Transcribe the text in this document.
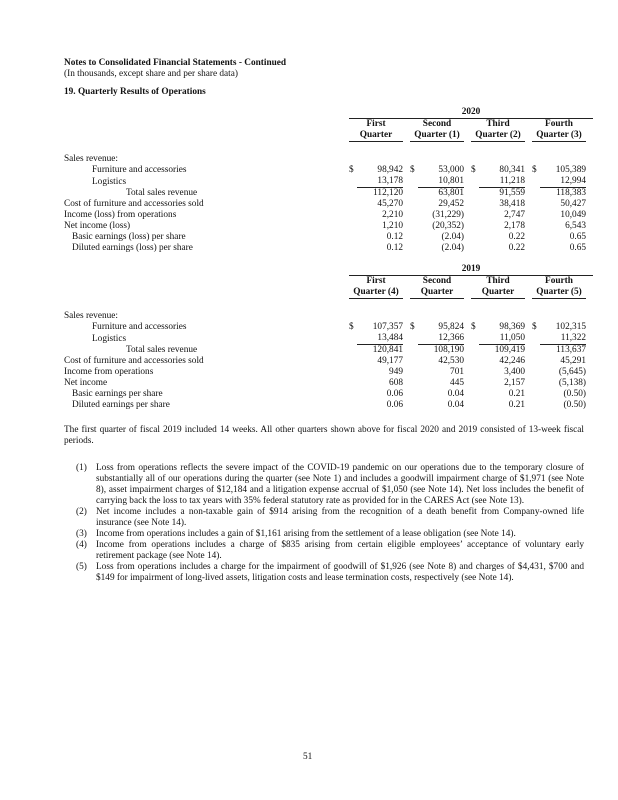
Notes to Consolidated Financial Statements - Continued
(In thousands, except share and per share data)
19. Quarterly Results of Operations
	2020							

	First		Second		Third		Fourth	

	Quarter		Quarter (1)		Quarter (2)		Quarter (3)	

Sales revenue:								
Furniture and accessories	$	98,942	$	53,000	$	80,341	$	105,389
Logistics		13,178		10,801		11,218		12,994
Total sales revenue		112,120		63,801		91,559		118,383
Cost of furniture and accessories sold		45,270		29,452		38,418		50,427
Income (loss) from operations		2,210		(31,229)		2,747		10,049
Net income (loss)		1,210		(20,352)		2,178		6,543
Basic earnings (loss) per share		0.12		(2.04)		0.22		0.65
Diluted earnings (loss) per share		0.12		(2.04)		0.22		0.65
	2019							

	First		Second		Third		Fourth	

	Quarter (4)		Quarter		Quarter		Quarter (5)	

Sales revenue:								
Furniture and accessories	$	107,357	$	95,824	$	98,369	$	102,315
Logistics		13,484		12,366		11,050		11,322
Total sales revenue		120,841		108,190		109,419		113,637
Cost of furniture and accessories sold		49,177		42,530		42,246		45,291
Income from operations		949		701		3,400		(5,645)
Net income		608		445		2,157		(5,138)
Basic earnings per share		0.06		0.04		0.21		(0.50)
Diluted earnings per share		0.06		0.04		0.21		(0.50)
The first quarter of fiscal 2019 included 14 weeks. All other quarters shown above for fiscal 2020 and 2019 consisted of 13-week fiscal periods.
(1) Loss from operations reflects the severe impact of the COVID-19 pandemic on our operations due to the temporary closure of substantially all of our operations during the quarter (see Note 1) and includes a goodwill impairment charge of $1,971 (see Note 8), asset impairment charges of $12,184 and a litigation expense accrual of $1,050 (see Note 14). Net loss includes the benefit of carrying back the loss to tax years with 35% federal statutory rate as provided for in the CARES Act (see Note 13).
(2) Net income includes a non-taxable gain of $914 arising from the recognition of a death benefit from Company-owned life insurance (see Note 14).
(3) Income from operations includes a gain of $1,161 arising from the settlement of a lease obligation (see Note 14).
(4) Income from operations includes a charge of $835 arising from certain eligible employees’ acceptance of voluntary early retirement package (see Note 14).
(5) Loss from operations includes a charge for the impairment of goodwill of $1,926 (see Note 8) and charges of $4,431, $700 and $149 for impairment of long-lived assets, litigation costs and lease termination costs, respectively (see Note 14).
51
